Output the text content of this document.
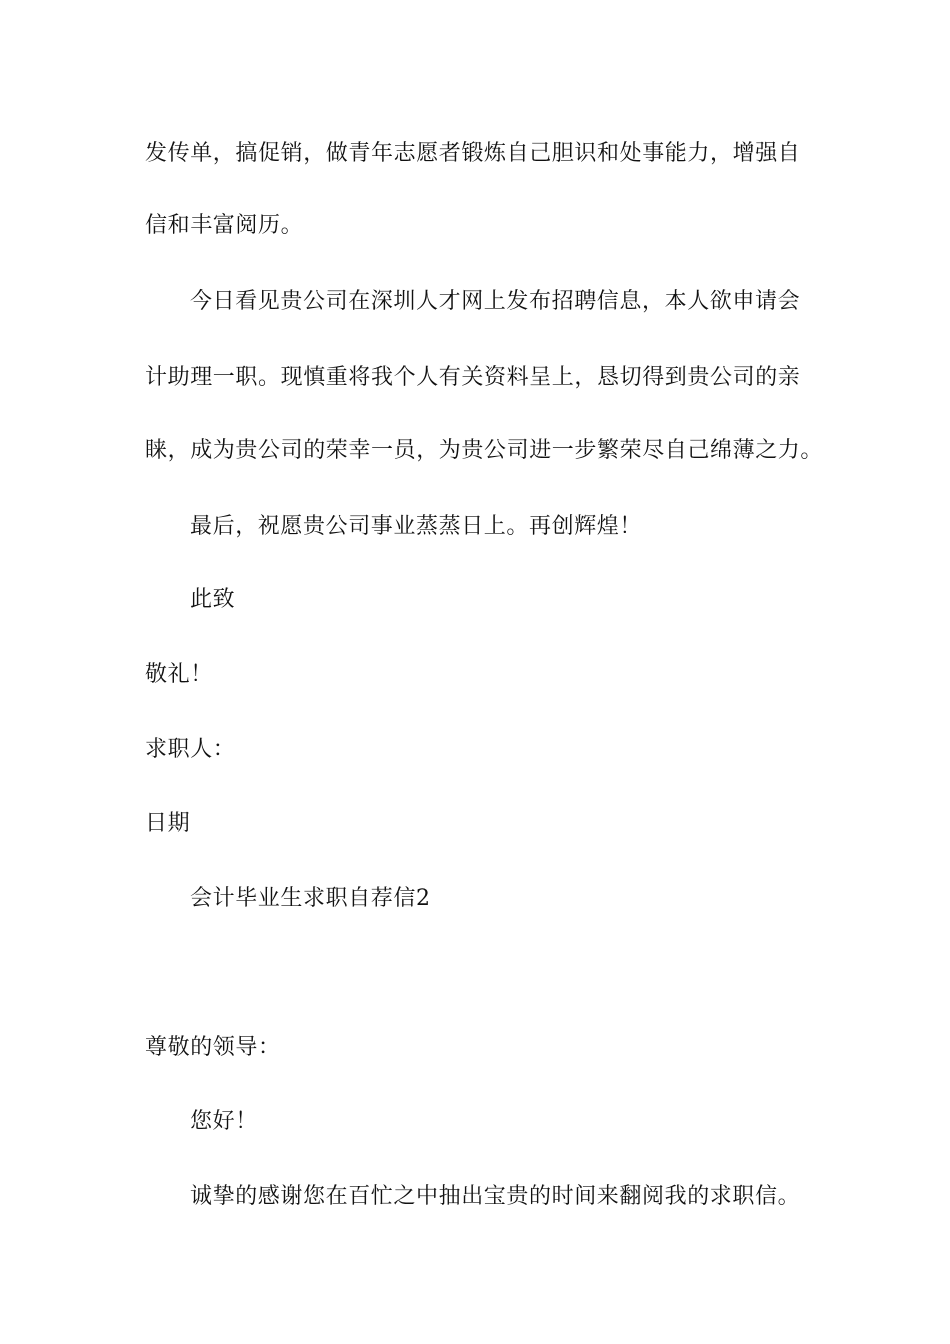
发传单，搞促销，做青年志愿者锻炼自己胆识和处事能力，增强自
信和丰富阅历。
今日看见贵公司在深圳人才网上发布招聘信息，本人欲申请会
计助理一职。现慎重将我个人有关资料呈上，恳切得到贵公司的亲
睐，成为贵公司的荣幸一员，为贵公司进一步繁荣尽自己绵薄之力。
最后，祝愿贵公司事业蒸蒸日上。再创辉煌！
此致
敬礼！
求职人：
日期
会计毕业生求职自荐信2
尊敬的领导：
您好！
诚挚的感谢您在百忙之中抽出宝贵的时间来翻阅我的求职信。
